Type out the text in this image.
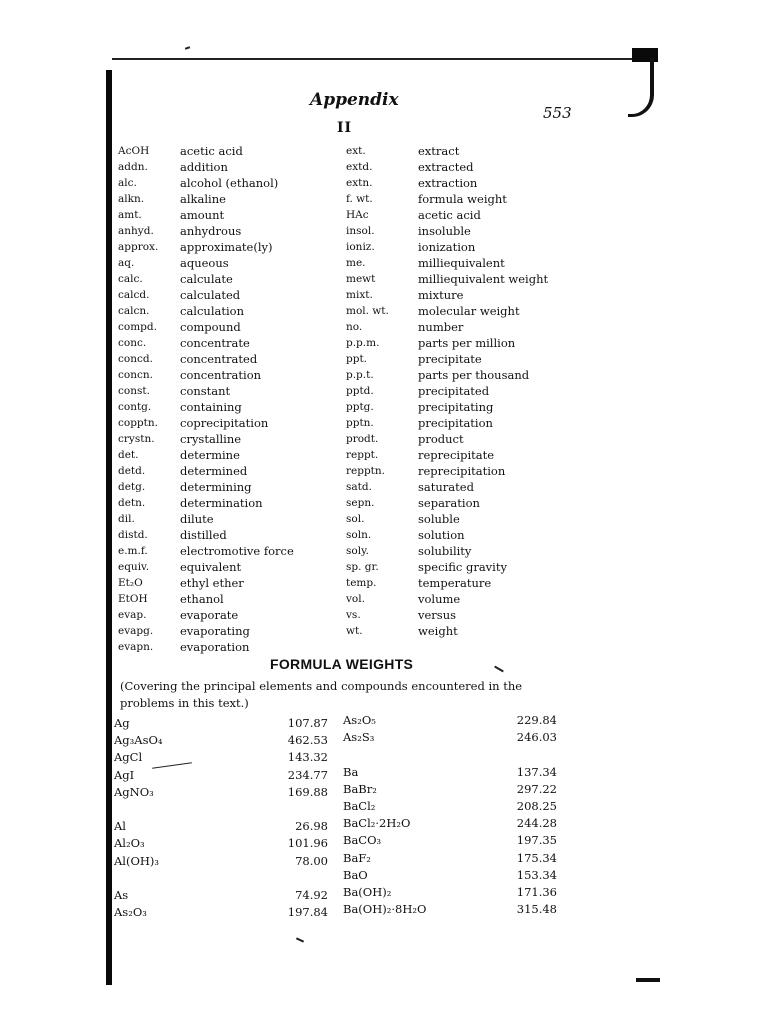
Appendix
553
II
AcOH	acetic acid
addn.	addition
alc.	alcohol (ethanol)
alkn.	alkaline
amt.	amount
anhyd. anhydrous
approx. approximate(ly)
aq.	aqueous
calc.	calculate
calcd.	calculated
calcn.	calculation
compd. compound
conc.	concentrate
concd. concentrated
concn. concentration
const.	constant
contg.	containing
copptn. coprecipitation
crystn. crystalline
det.	determine
detd.	determined
detg.	determining
detn.	determination
dil.	dilute
distd.	distilled
e.m.f.	electromotive force
equiv.	equivalent
Et₂O	ethyl ether
EtOH	ethanol
evap.	evaporate
evapg. evaporating
evapn. evaporation
ext.	extract
extd.	extracted
extn.	extraction
f. wt.	formula weight
HAc	acetic acid
insol.	insoluble
ioniz.	ionization
me.	milliequivalent
mewt	milliequivalent weight
mixt.	mixture
mol. wt.	molecular weight
no.	number
p.p.m.	parts per million
ppt.	precipitate
p.p.t.	parts per thousand
pptd.	precipitated
pptg.	precipitating
pptn.	precipitation
prodt.	product
reppt.	reprecipitate
repptn.	reprecipitation
satd.	saturated
sepn.	separation
sol.	soluble
soln.	solution
soly.	solubility
sp. gr.	specific gravity
temp.	temperature
vol.	volume
vs.	versus
wt.	weight
FORMULA WEIGHTS
(Covering the principal elements and compounds encountered in the problems in this text.)
Ag	107.87
Ag₃AsO₄	462.53
AgCl	143.32
AgI	234.77
AgNO₃	169.88
Al	26.98
Al₂O₃	101.96
Al(OH)₃	78.00
As	74.92
As₂O₃	197.84
As₂O₅	229.84
As₂S₃	246.03
Ba	137.34
BaBr₂	297.22
BaCl₂	208.25
BaCl₂·2H₂O	244.28
BaCO₃	197.35
BaF₂	175.34
BaO	153.34
Ba(OH)₂	171.36
Ba(OH)₂·8H₂O	315.48
